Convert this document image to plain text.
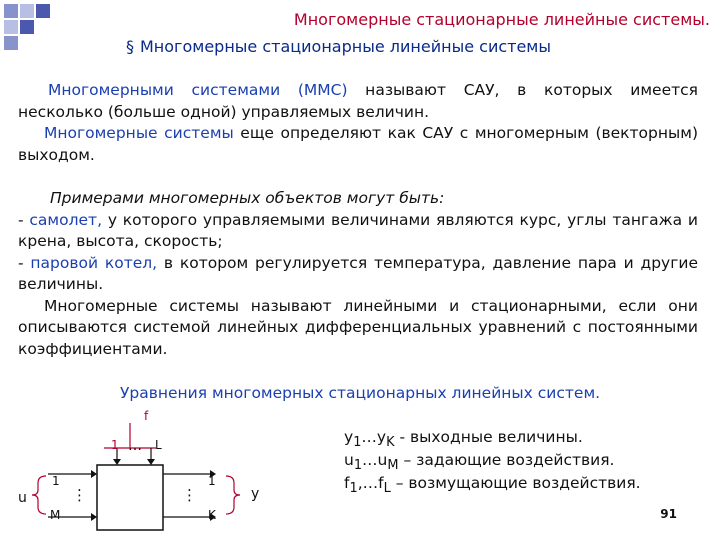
Многомерные стационарные линейные системы.
§ Многомерные стационарные линейные системы
Многомерными системами (ММС) называют САУ, в которых имеется несколько (больше одной) управляемых величин.
Многомерные системы еще определяют как САУ с многомерным (векторным) выходом.
Примерами многомерных объектов могут быть:
- самолет, у которого управляемыми величинами являются курс, углы тангажа и крена, высота, скорость;
- паровой котел, в котором регулируется температура, давление пара и другие величины.
Многомерные системы называют линейными и стационарными, если они описываются системой линейных дифференциальных уравнений с постоянными коэффициентами.
Уравнения многомерных стационарных линейных систем.
f
1 … L
u
1
⋮
M
1
⋮
K
y
$y_1\dots y_K$ - выходные величины.
$u_1\dots u_M$ – задающие воздействия.
$f_1,\dots f_L$ – возмущающие воздействия.
91
